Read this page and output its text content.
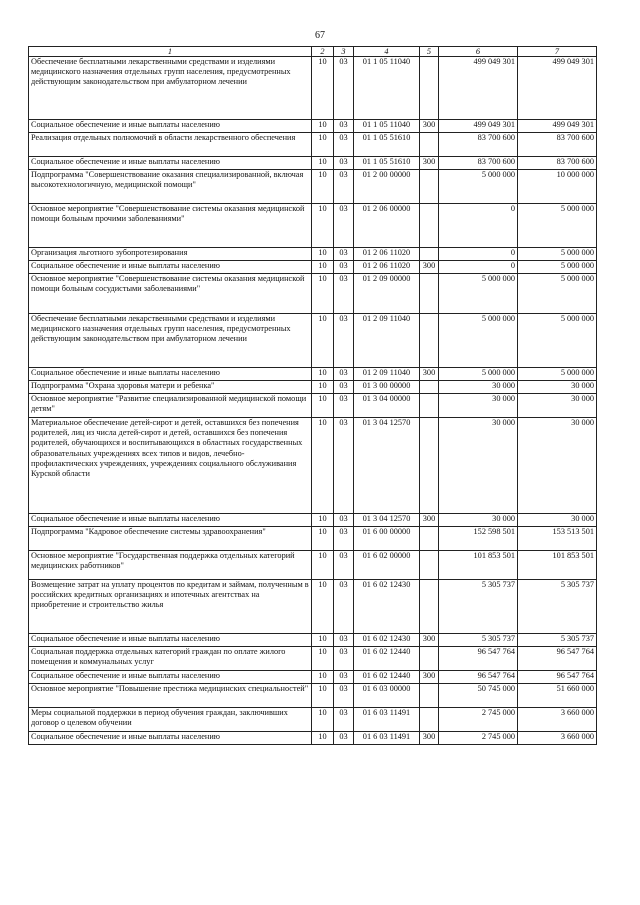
67
1	2	3	4	5	6	7
Обеспечение бесплатными лекарственными средствами и изделиями медицинского назначения отдельных групп населения, предусмотренных действующим законодательством при амбулаторном лечении	10	03	01 1 05 11040		499 049 301	499 049 301
Социальное обеспечение и иные выплаты населению	10	03	01 1 05 11040	300	499 049 301	499 049 301
Реализация отдельных полномочий в области лекарственного обеспечения	10	03	01 1 05 51610		83 700 600	83 700 600
Социальное обеспечение и иные выплаты населению	10	03	01 1 05 51610	300	83 700 600	83 700 600
Подпрограмма "Совершенствование оказания специализированной, включая высокотехнологичную, медицинской помощи"	10	03	01 2 00 00000		5 000 000	10 000 000
Основное мероприятие "Совершенствование системы оказания медицинской помощи больным прочими заболеваниями"	10	03	01 2 06 00000		0	5 000 000
Организация льготного зубопротезирования	10	03	01 2 06 11020		0	5 000 000
Социальное обеспечение и иные выплаты населению	10	03	01 2 06 11020	300	0	5 000 000
Основное мероприятие "Совершенствование системы оказания медицинской помощи больным сосудистыми заболеваниями"	10	03	01 2 09 00000		5 000 000	5 000 000
Обеспечение бесплатными лекарственными средствами и изделиями медицинского назначения отдельных групп населения, предусмотренных действующим законодательством при амбулаторном лечении	10	03	01 2 09 11040		5 000 000	5 000 000
Социальное обеспечение и иные выплаты населению	10	03	01 2 09 11040	300	5 000 000	5 000 000
Подпрограмма "Охрана здоровья матери и ребенка"	10	03	01 3 00 00000		30 000	30 000
Основное мероприятие "Развитие специализированной медицинской помощи детям"	10	03	01 3 04 00000		30 000	30 000
Материальное обеспечение детей-сирот и детей, оставшихся без попечения родителей, лиц из числа детей-сирот и детей, оставшихся без попечения родителей, обучающихся и воспитывающихся в областных государственных образовательных учреждениях всех типов и видов, лечебно-профилактических учреждениях, учреждениях социального обслуживания Курской области	10	03	01 3 04 12570		30 000	30 000
Социальное обеспечение и иные выплаты населению	10	03	01 3 04 12570	300	30 000	30 000
Подпрограмма "Кадровое обеспечение системы здравоохранения"	10	03	01 6 00 00000		152 598 501	153 513 501
Основное мероприятие "Государственная поддержка отдельных категорий медицинских работников"	10	03	01 6 02 00000		101 853 501	101 853 501
Возмещение затрат на уплату процентов по кредитам и займам, полученным в российских кредитных организациях и ипотечных агентствах на приобретение и строительство жилья	10	03	01 6 02 12430		5 305 737	5 305 737
Социальное обеспечение и иные выплаты населению	10	03	01 6 02 12430	300	5 305 737	5 305 737
Социальная поддержка отдельных категорий граждан по оплате жилого помещения и коммунальных услуг	10	03	01 6 02 12440		96 547 764	96 547 764
Социальное обеспечение и иные выплаты населению	10	03	01 6 02 12440	300	96 547 764	96 547 764
Основное мероприятие "Повышение престижа медицинских специальностей"	10	03	01 6 03 00000		50 745 000	51 660 000
Меры социальной поддержки в период обучения граждан, заключивших договор о целевом обучении	10	03	01 6 03 11491		2 745 000	3 660 000
Социальное обеспечение и иные выплаты населению	10	03	01 6 03 11491	300	2 745 000	3 660 000
